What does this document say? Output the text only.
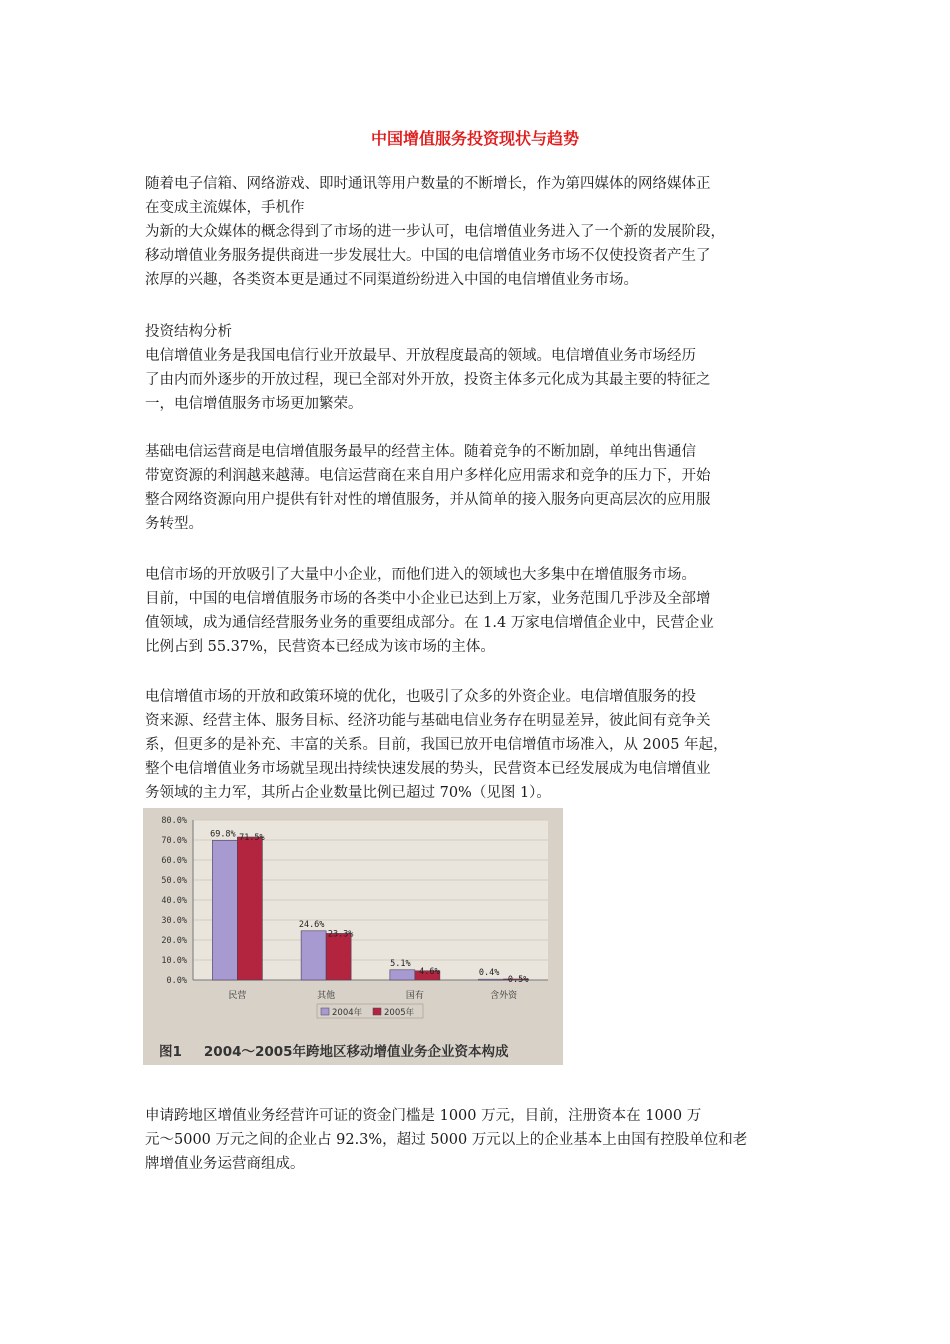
中国增值服务投资现状与趋势
随着电子信箱、网络游戏、即时通讯等用户数量的不断增长，作为第四媒体的网络媒体正
在变成主流媒体，手机作
为新的大众媒体的概念得到了市场的进一步认可，电信增值业务进入了一个新的发展阶段，
移动增值业务服务提供商进一步发展壮大。中国的电信增值业务市场不仅使投资者产生了
浓厚的兴趣，各类资本更是通过不同渠道纷纷进入中国的电信增值业务市场。
投资结构分析
电信增值业务是我国电信行业开放最早、开放程度最高的领域。电信增值业务市场经历
了由内而外逐步的开放过程，现已全部对外开放，投资主体多元化成为其最主要的特征之
一，电信增值服务市场更加繁荣。
基础电信运营商是电信增值服务最早的经营主体。随着竞争的不断加剧，单纯出售通信
带宽资源的利润越来越薄。电信运营商在来自用户多样化应用需求和竞争的压力下，开始
整合网络资源向用户提供有针对性的增值服务，并从简单的接入服务向更高层次的应用服
务转型。
电信市场的开放吸引了大量中小企业，而他们进入的领域也大多集中在增值服务市场。
目前，中国的电信增值服务市场的各类中小企业已达到上万家，业务范围几乎涉及全部增
值领域，成为通信经营服务业务的重要组成部分。在 1.4 万家电信增值企业中，民营企业
比例占到 55.37%，民营资本已经成为该市场的主体。
电信增值市场的开放和政策环境的优化，也吸引了众多的外资企业。电信增值服务的投
资来源、经营主体、服务目标、经济功能与基础电信业务存在明显差异，彼此间有竞争关
系，但更多的是补充、丰富的关系。目前，我国已放开电信增值市场准入，从 2005 年起，
整个电信增值业务市场就呈现出持续快速发展的势头，民营资本已经发展成为电信增值业
务领域的主力军，其所占企业数量比例已超过 70%（见图 1）。
0.0%
10.0%
20.0%
30.0%
40.0%
50.0%
60.0%
70.0%
80.0%
69.8% 71.5%
民营
24.6%
23.3%
其他
5.1%
4.6%
国有
0.4%
0.5%
含外资
2004年	2005年
图1 2004～2005年跨地区移动增值业务企业资本构成
申请跨地区增值业务经营许可证的资金门槛是 1000 万元，目前，注册资本在 1000 万
元～5000 万元之间的企业占 92.3%，超过 5000 万元以上的企业基本上由国有控股单位和老
牌增值业务运营商组成。
